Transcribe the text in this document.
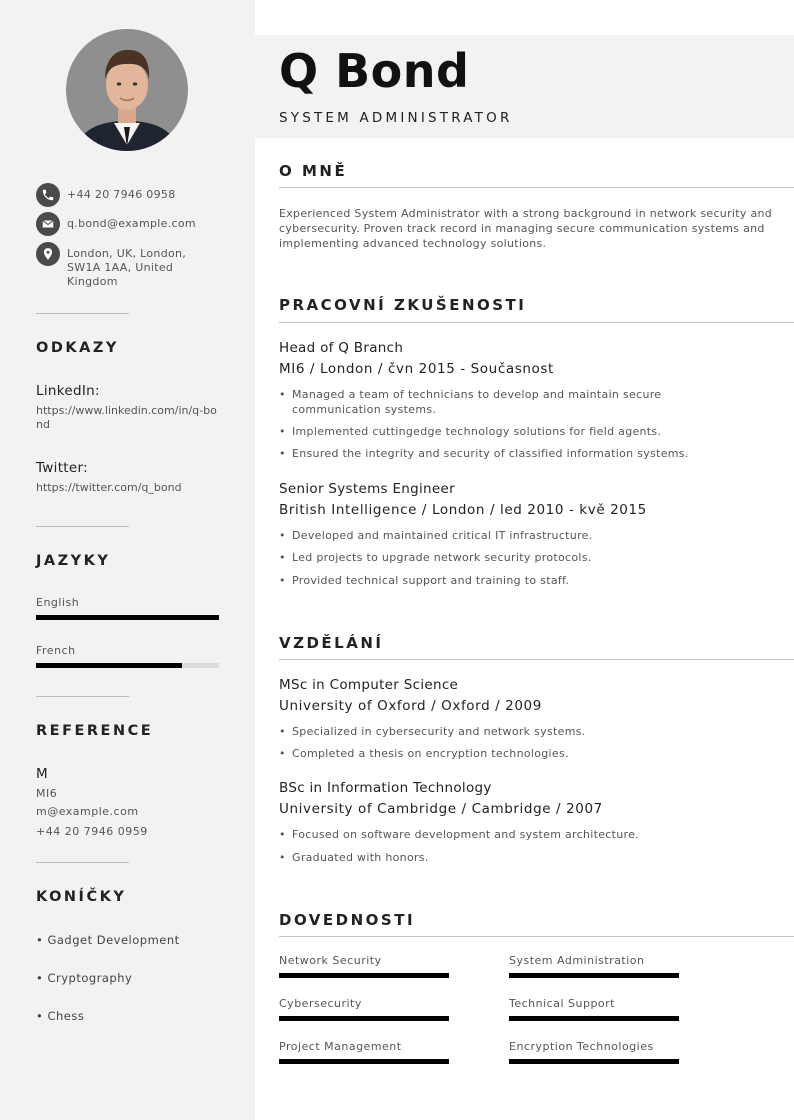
+44 20 7946 0958
q.bond@example.com
London, UK, London,
SW1A 1AA, United
Kingdom
ODKAZY
LinkedIn:
https://www.linkedin.com/in/q-bond
Twitter:
https://twitter.com/q_bond
JAZYKY
English
French
REFERENCE
M
MI6
m@example.com
+44 20 7946 0959
KONÍČKY
• Gadget Development
• Cryptography
• Chess
Q Bond
SYSTEM ADMINISTRATOR
O MNĚ
Experienced System Administrator with a strong background in network security and cybersecurity. Proven track record in managing secure communication systems and implementing advanced technology solutions.
PRACOVNÍ ZKUŠENOSTI
Head of Q Branch
MI6 / London / čvn 2015 - Současnost
• Managed a team of technicians to develop and maintain secure communication systems.
• Implemented cuttingedge technology solutions for field agents.
• Ensured the integrity and security of classified information systems.
Senior Systems Engineer
British Intelligence / London / led 2010 - kvě 2015
• Developed and maintained critical IT infrastructure.
• Led projects to upgrade network security protocols.
• Provided technical support and training to staff.
VZDĚLÁNÍ
MSc in Computer Science
University of Oxford / Oxford / 2009
• Specialized in cybersecurity and network systems.
• Completed a thesis on encryption technologies.
BSc in Information Technology
University of Cambridge / Cambridge / 2007
• Focused on software development and system architecture.
• Graduated with honors.
DOVEDNOSTI
Network Security	System Administration
Cybersecurity	Technical Support
Project Management	Encryption Technologies
